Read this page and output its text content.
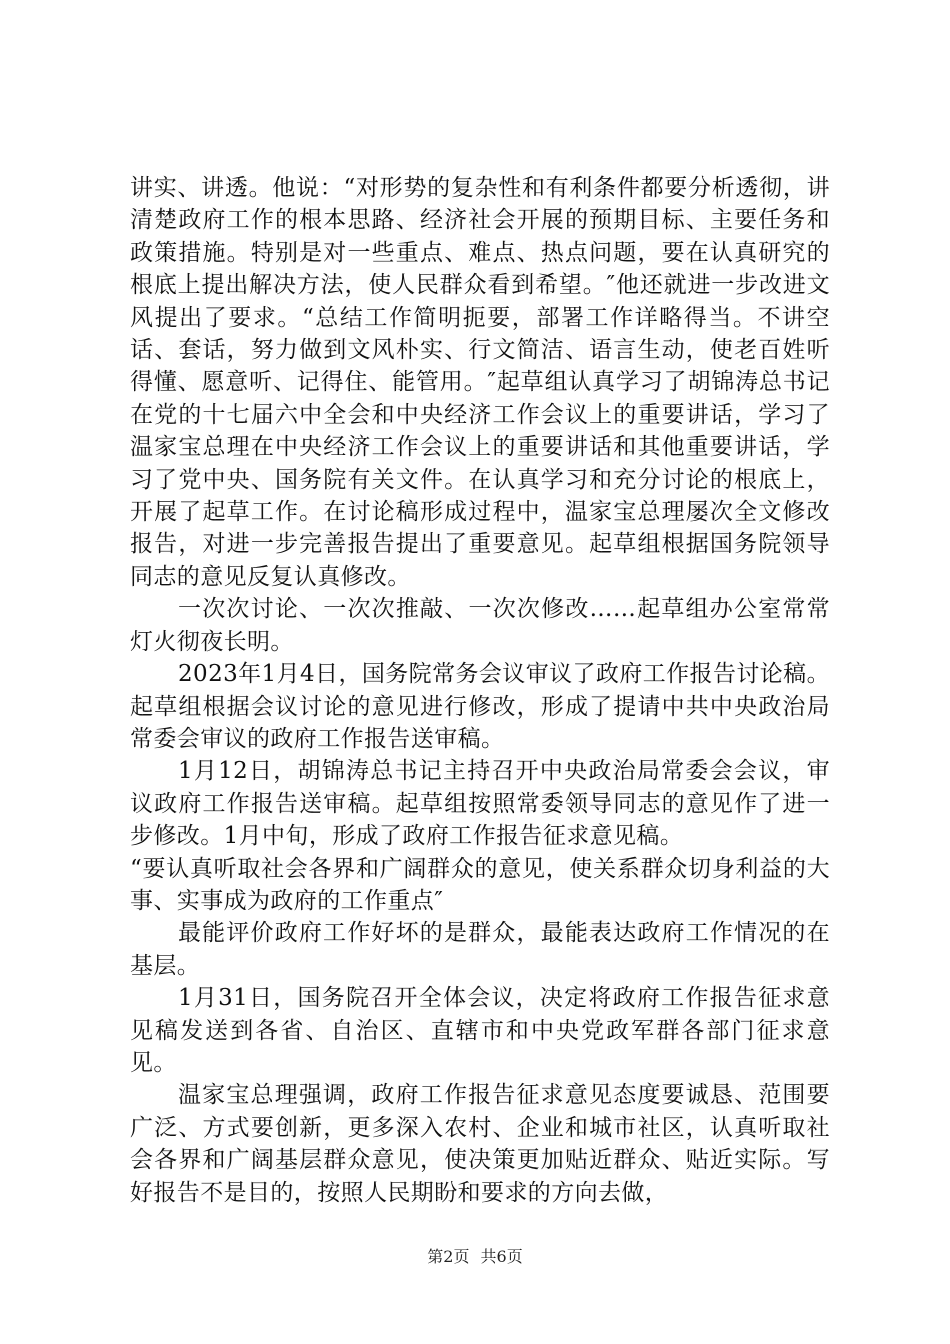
讲实、讲透。他说：“对形势的复杂性和有利条件都要分析透彻，讲清楚政府工作的根本思路、经济社会开展的预期目标、主要任务和政策措施。特别是对一些重点、难点、热点问题，要在认真研究的根底上提出解决方法，使人民群众看到希望。″他还就进一步改进文风提出了要求。“总结工作简明扼要，部署工作详略得当。不讲空话、套话，努力做到文风朴实、行文简洁、语言生动，使老百姓听得懂、愿意听、记得住、能管用。″起草组认真学习了胡锦涛总书记在党的十七届六中全会和中央经济工作会议上的重要讲话，学习了温家宝总理在中央经济工作会议上的重要讲话和其他重要讲话，学习了党中央、国务院有关文件。在认真学习和充分讨论的根底上，开展了起草工作。在讨论稿形成过程中，温家宝总理屡次全文修改报告，对进一步完善报告提出了重要意见。起草组根据国务院领导同志的意见反复认真修改。

一次次讨论、一次次推敲、一次次修改……起草组办公室常常灯火彻夜长明。

2023年1月4日，国务院常务会议审议了政府工作报告讨论稿。起草组根据会议讨论的意见进行修改，形成了提请中共中央政治局常委会审议的政府工作报告送审稿。

1月12日，胡锦涛总书记主持召开中央政治局常委会会议，审议政府工作报告送审稿。起草组按照常委领导同志的意见作了进一步修改。1月中旬，形成了政府工作报告征求意见稿。

“要认真听取社会各界和广阔群众的意见，使关系群众切身利益的大事、实事成为政府的工作重点″

最能评价政府工作好坏的是群众，最能表达政府工作情况的在基层。

1月31日，国务院召开全体会议，决定将政府工作报告征求意见稿发送到各省、自治区、直辖市和中央党政军群各部门征求意见。

温家宝总理强调，政府工作报告征求意见态度要诚恳、范围要广泛、方式要创新，更多深入农村、企业和城市社区，认真听取社会各界和广阔基层群众意见，使决策更加贴近群众、贴近实际。写好报告不是目的，按照人民期盼和要求的方向去做，

第2页 共6页
